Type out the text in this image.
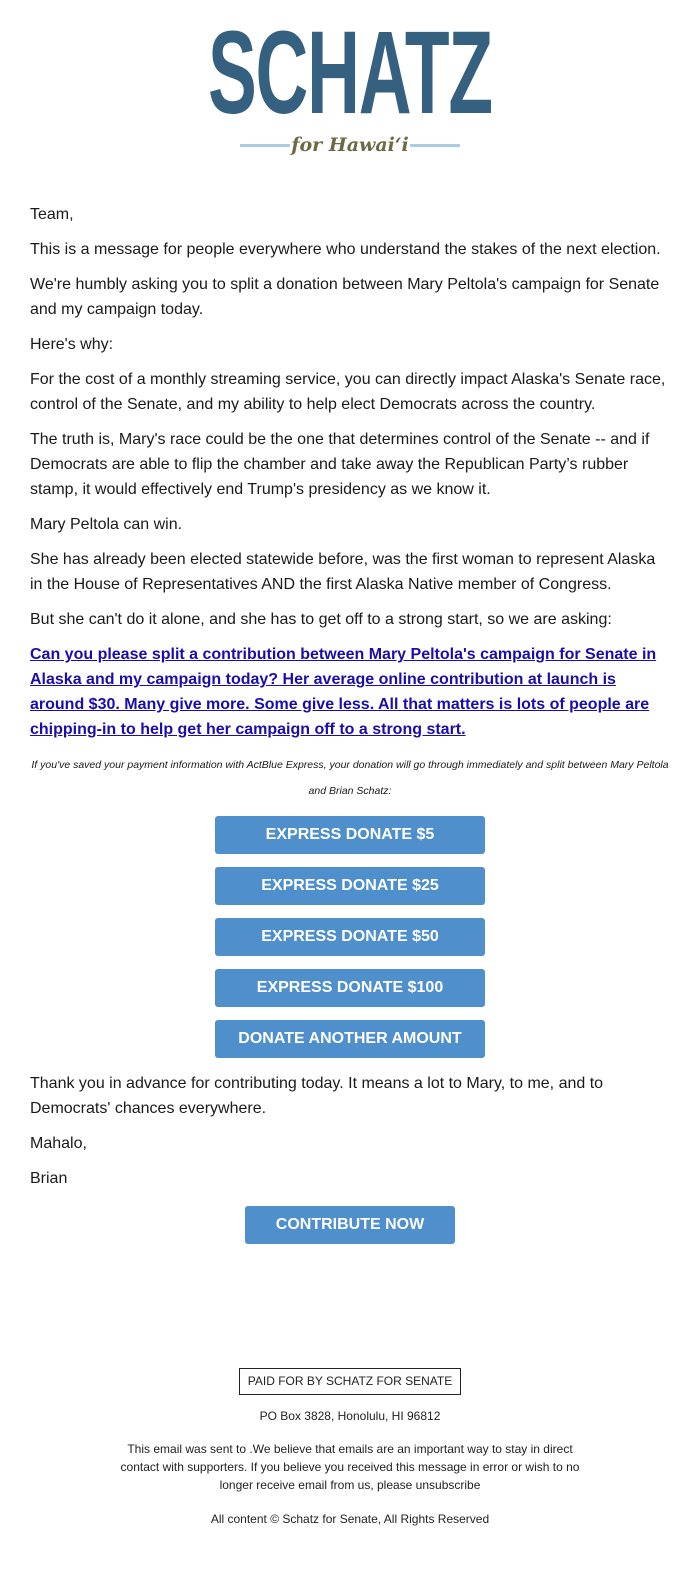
SCHATZ
for Hawaiʻi

Team,

This is a message for people everywhere who understand the stakes of the next election.

We're humbly asking you to split a donation between Mary Peltola's campaign for Senate and my campaign today.

Here's why:

For the cost of a monthly streaming service, you can directly impact Alaska's Senate race, control of the Senate, and my ability to help elect Democrats across the country.

The truth is, Mary's race could be the one that determines control of the Senate -- and if Democrats are able to flip the chamber and take away the Republican Party’s rubber stamp, it would effectively end Trump's presidency as we know it.

Mary Peltola can win.

She has already been elected statewide before, was the first woman to represent Alaska in the House of Representatives AND the first Alaska Native member of Congress.

But she can't do it alone, and she has to get off to a strong start, so we are asking:

Can you please split a contribution between Mary Peltola's campaign for Senate in Alaska and my campaign today? Her average online contribution at launch is around $30. Many give more. Some give less. All that matters is lots of people are chipping-in to help get her campaign off to a strong start.

If you've saved your payment information with ActBlue Express, your donation will go through immediately and split between Mary Peltola and Brian Schatz:

EXPRESS DONATE $5
EXPRESS DONATE $25
EXPRESS DONATE $50
EXPRESS DONATE $100
DONATE ANOTHER AMOUNT

Thank you in advance for contributing today. It means a lot to Mary, to me, and to Democrats' chances everywhere.

Mahalo,

Brian

CONTRIBUTE NOW
PAID FOR BY SCHATZ FOR SENATE
PO Box 3828, Honolulu, HI 96812
This email was sent to .We believe that emails are an important way to stay in direct contact with supporters. If you believe you received this message in error or wish to no longer receive email from us, please unsubscribe
All content © Schatz for Senate, All Rights Reserved
